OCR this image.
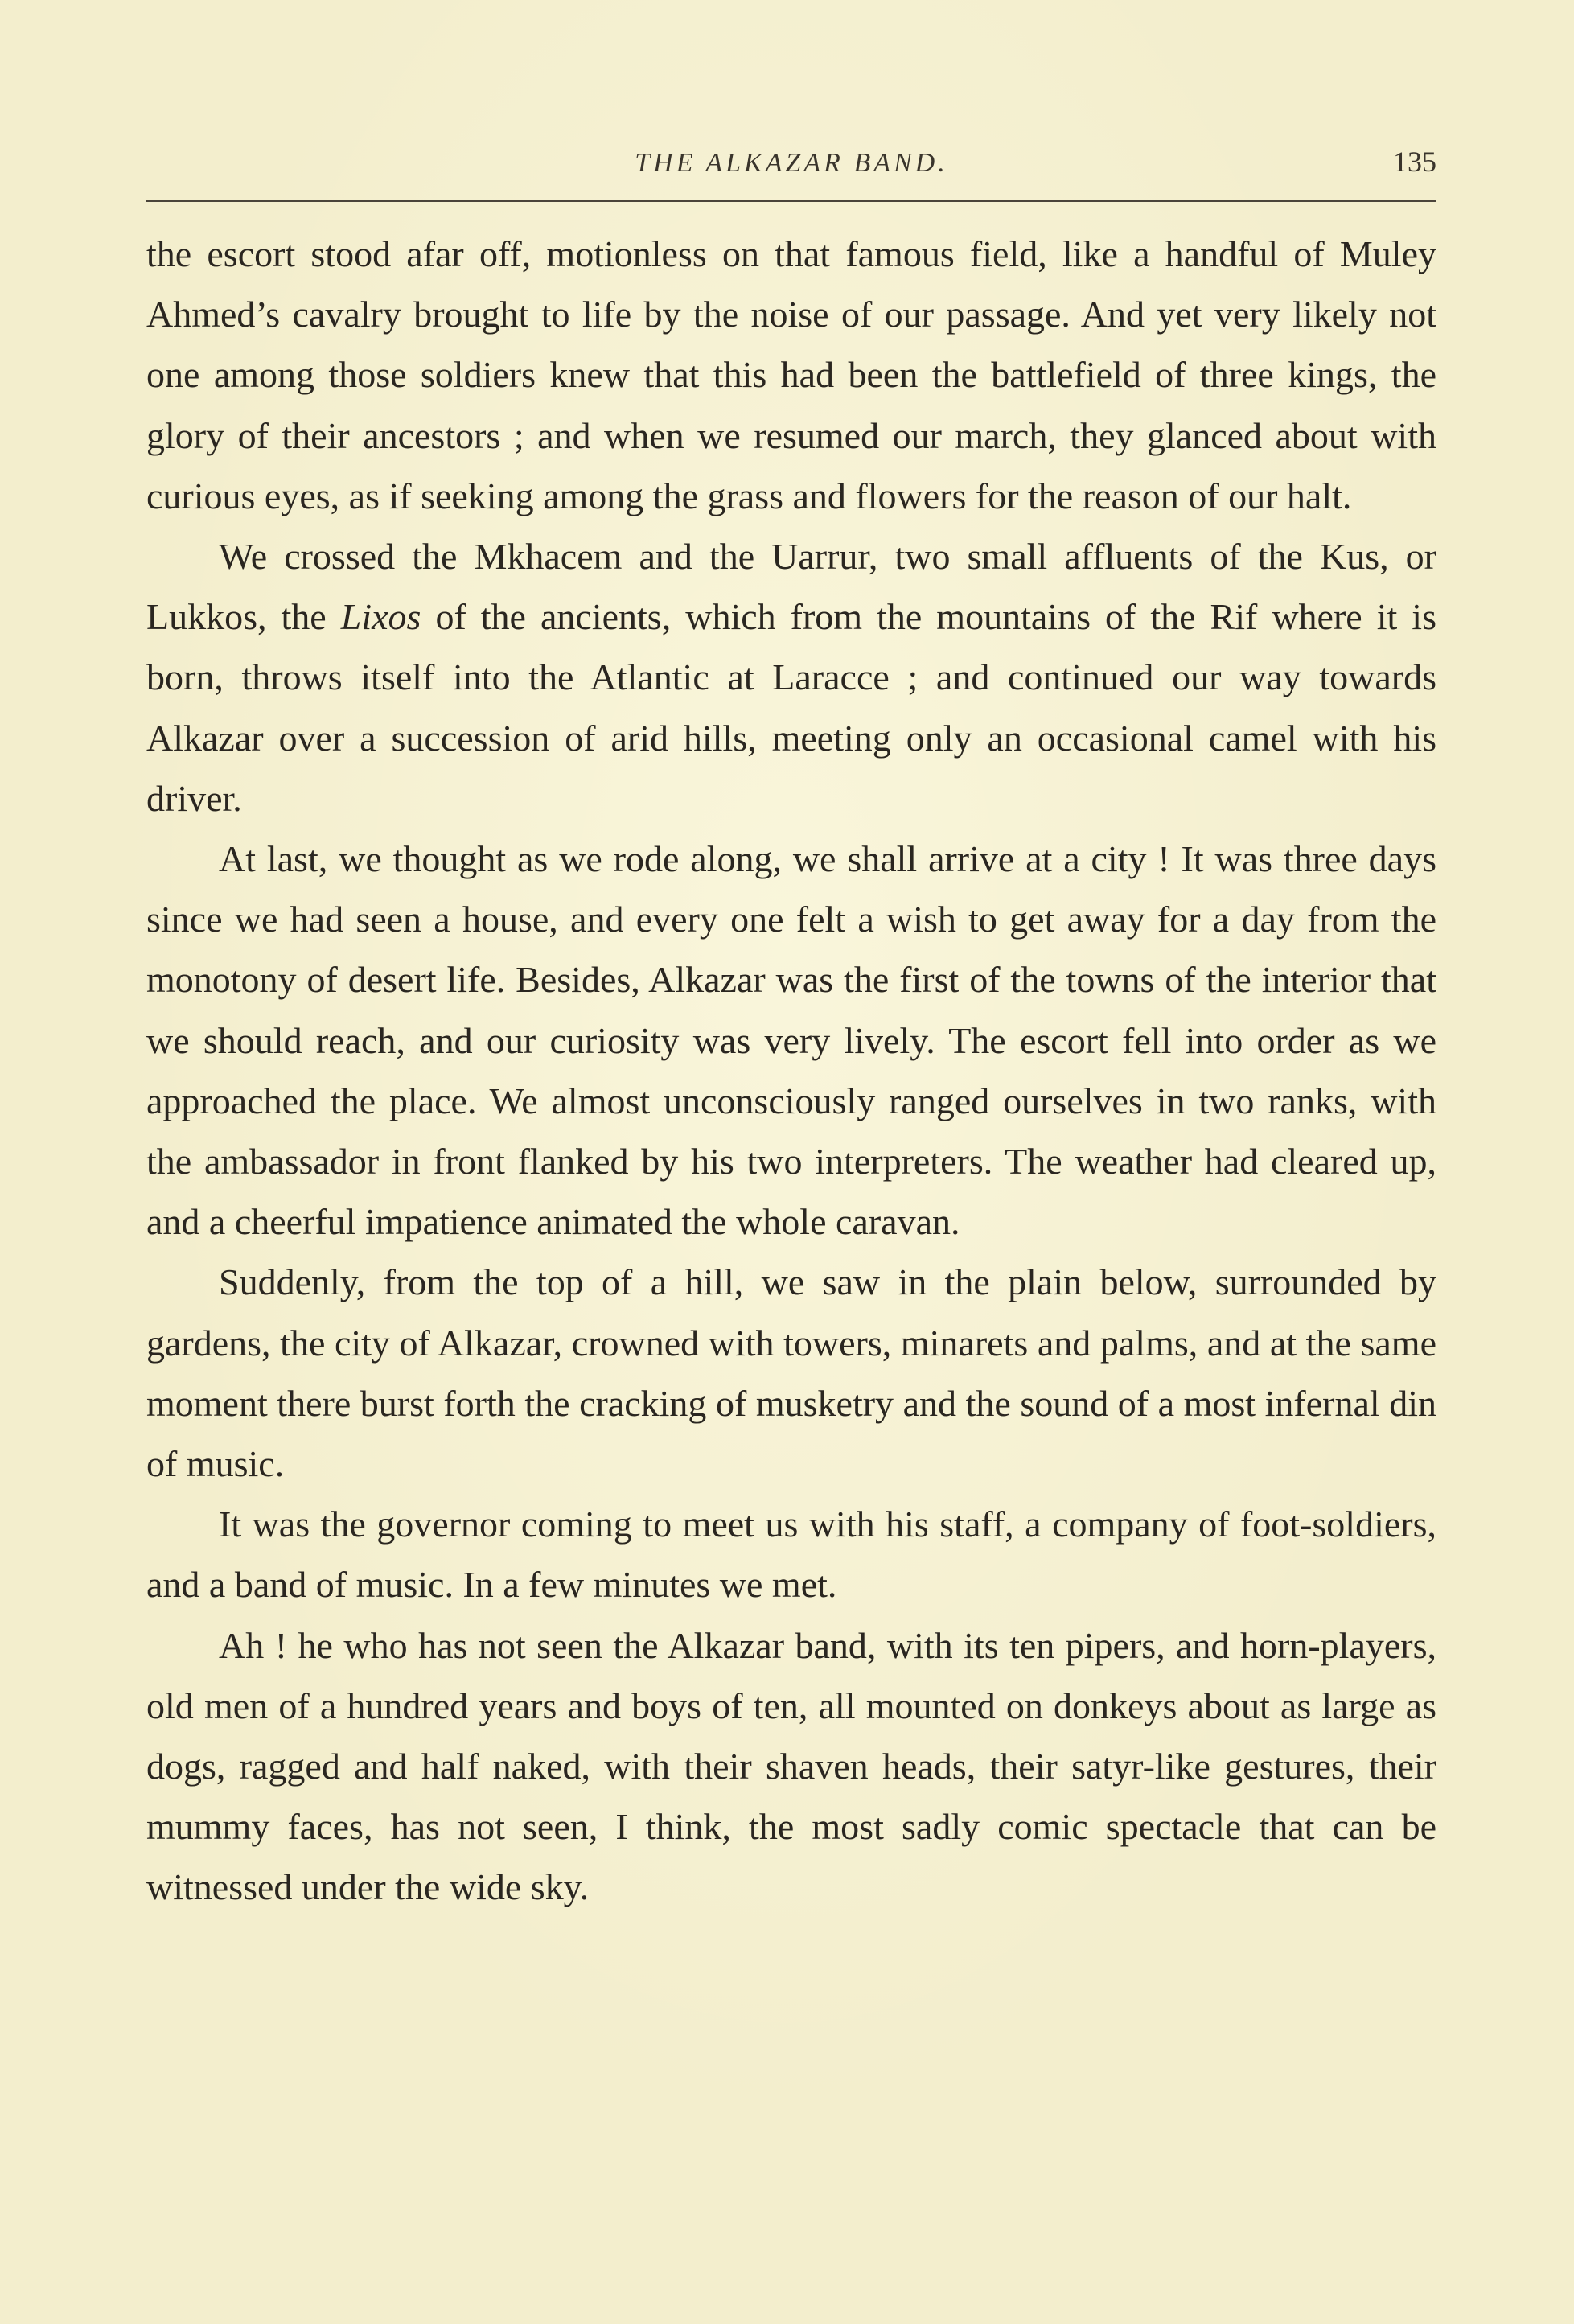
THE ALKAZAR BAND.	135

the escort stood afar off, motionless on that famous field, like a handful of Muley Ahmed’s cavalry brought to life by the noise of our passage. And yet very likely not one among those soldiers knew that this had been the battlefield of three kings, the glory of their ancestors ; and when we resumed our march, they glanced about with curious eyes, as if seeking among the grass and flowers for the reason of our halt.

We crossed the Mkhacem and the Uarrur, two small affluents of the Kus, or Lukkos, the Lixos of the ancients, which from the mountains of the Rif where it is born, throws itself into the Atlantic at Laracce ; and continued our way towards Alkazar over a succession of arid hills, meeting only an occasional camel with his driver.

At last, we thought as we rode along, we shall arrive at a city ! It was three days since we had seen a house, and every one felt a wish to get away for a day from the monotony of desert life. Besides, Alkazar was the first of the towns of the interior that we should reach, and our curiosity was very lively. The escort fell into order as we approached the place. We almost unconsciously ranged ourselves in two ranks, with the ambassador in front flanked by his two interpreters. The weather had cleared up, and a cheerful impatience animated the whole caravan.

Suddenly, from the top of a hill, we saw in the plain below, surrounded by gardens, the city of Alkazar, crowned with towers, minarets and palms, and at the same moment there burst forth the cracking of musketry and the sound of a most infernal din of music.

It was the governor coming to meet us with his staff, a company of foot-soldiers, and a band of music. In a few minutes we met.

Ah ! he who has not seen the Alkazar band, with its ten pipers, and horn-players, old men of a hundred years and boys of ten, all mounted on donkeys about as large as dogs, ragged and half naked, with their shaven heads, their satyr-like gestures, their mummy faces, has not seen, I think, the most sadly comic spectacle that can be witnessed under the wide sky.
